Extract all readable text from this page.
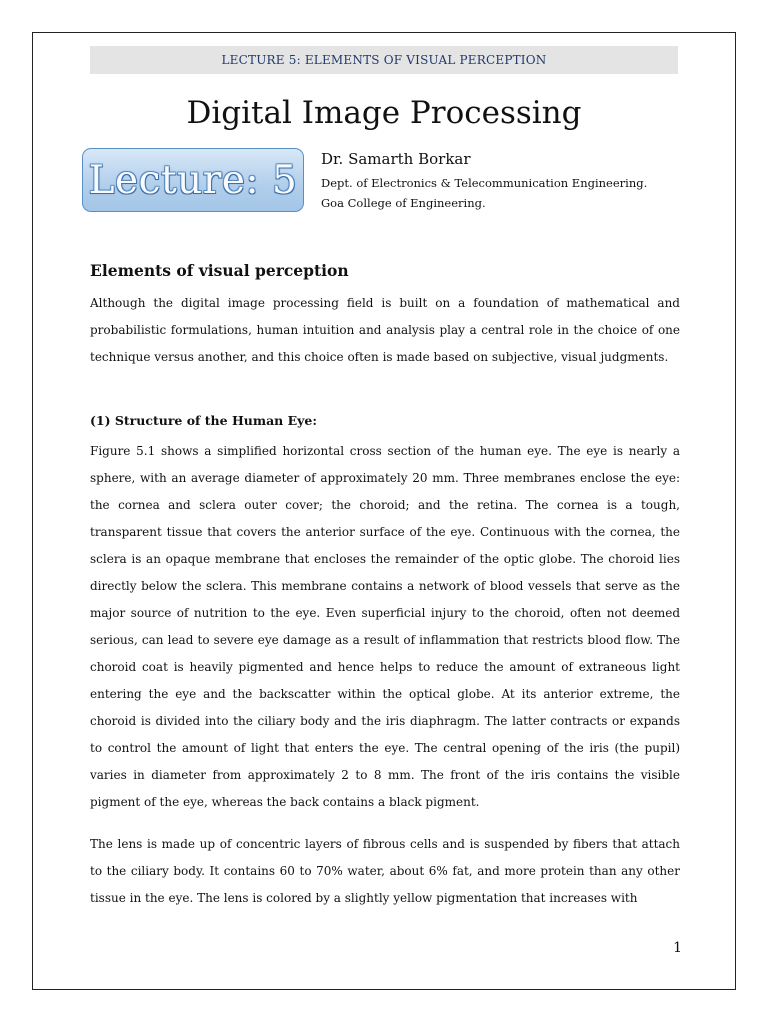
LECTURE 5: ELEMENTS OF VISUAL PERCEPTION
Digital Image Processing
Lecture: 5 Dr. Samarth Borkar
Dept. of Electronics & Telecommunication Engineering.
Goa College of Engineering.
Elements of visual perception

Although the digital image processing field is built on a foundation of mathematical and probabilistic formulations, human intuition and analysis play a central role in the choice of one technique versus another, and this choice often is made based on subjective, visual judgments.

(1) Structure of the Human Eye:

Figure 5.1 shows a simplified horizontal cross section of the human eye. The eye is nearly a sphere, with an average diameter of approximately 20 mm. Three membranes enclose the eye: the cornea and sclera outer cover; the choroid; and the retina. The cornea is a tough, transparent tissue that covers the anterior surface of the eye. Continuous with the cornea, the sclera is an opaque membrane that encloses the remainder of the optic globe. The choroid lies directly below the sclera. This membrane contains a network of blood vessels that serve as the major source of nutrition to the eye. Even superficial injury to the choroid, often not deemed serious, can lead to severe eye damage as a result of inflammation that restricts blood flow. The choroid coat is heavily pigmented and hence helps to reduce the amount of extraneous light entering the eye and the backscatter within the optical globe. At its anterior extreme, the choroid is divided into the ciliary body and the iris diaphragm. The latter contracts or expands to control the amount of light that enters the eye. The central opening of the iris (the pupil) varies in diameter from approximately 2 to 8 mm. The front of the iris contains the visible pigment of the eye, whereas the back contains a black pigment.

The lens is made up of concentric layers of fibrous cells and is suspended by fibers that attach to the ciliary body. It contains 60 to 70% water, about 6% fat, and more protein than any other tissue in the eye. The lens is colored by a slightly yellow pigmentation that increases with

1
